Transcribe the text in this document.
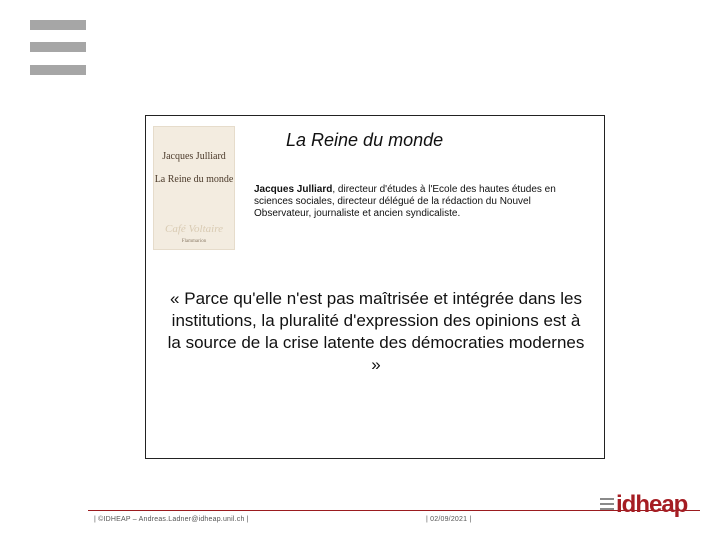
Jacques Julliard
La Reine du monde
Café Voltaire
Flammarion
La Reine du monde
Jacques Julliard, directeur d'études à l'Ecole des hautes études en sciences sociales, directeur délégué de la rédaction du Nouvel Observateur, journaliste et ancien syndicaliste.
« Parce qu'elle n'est pas maîtrisée et intégrée dans les institutions, la pluralité d'expression des opinions est à la source de la crise latente des démocraties modernes »
| ©IDHEAP – Andreas.Ladner@idheap.unil.ch |	| 02/09/2021 |
idheap
